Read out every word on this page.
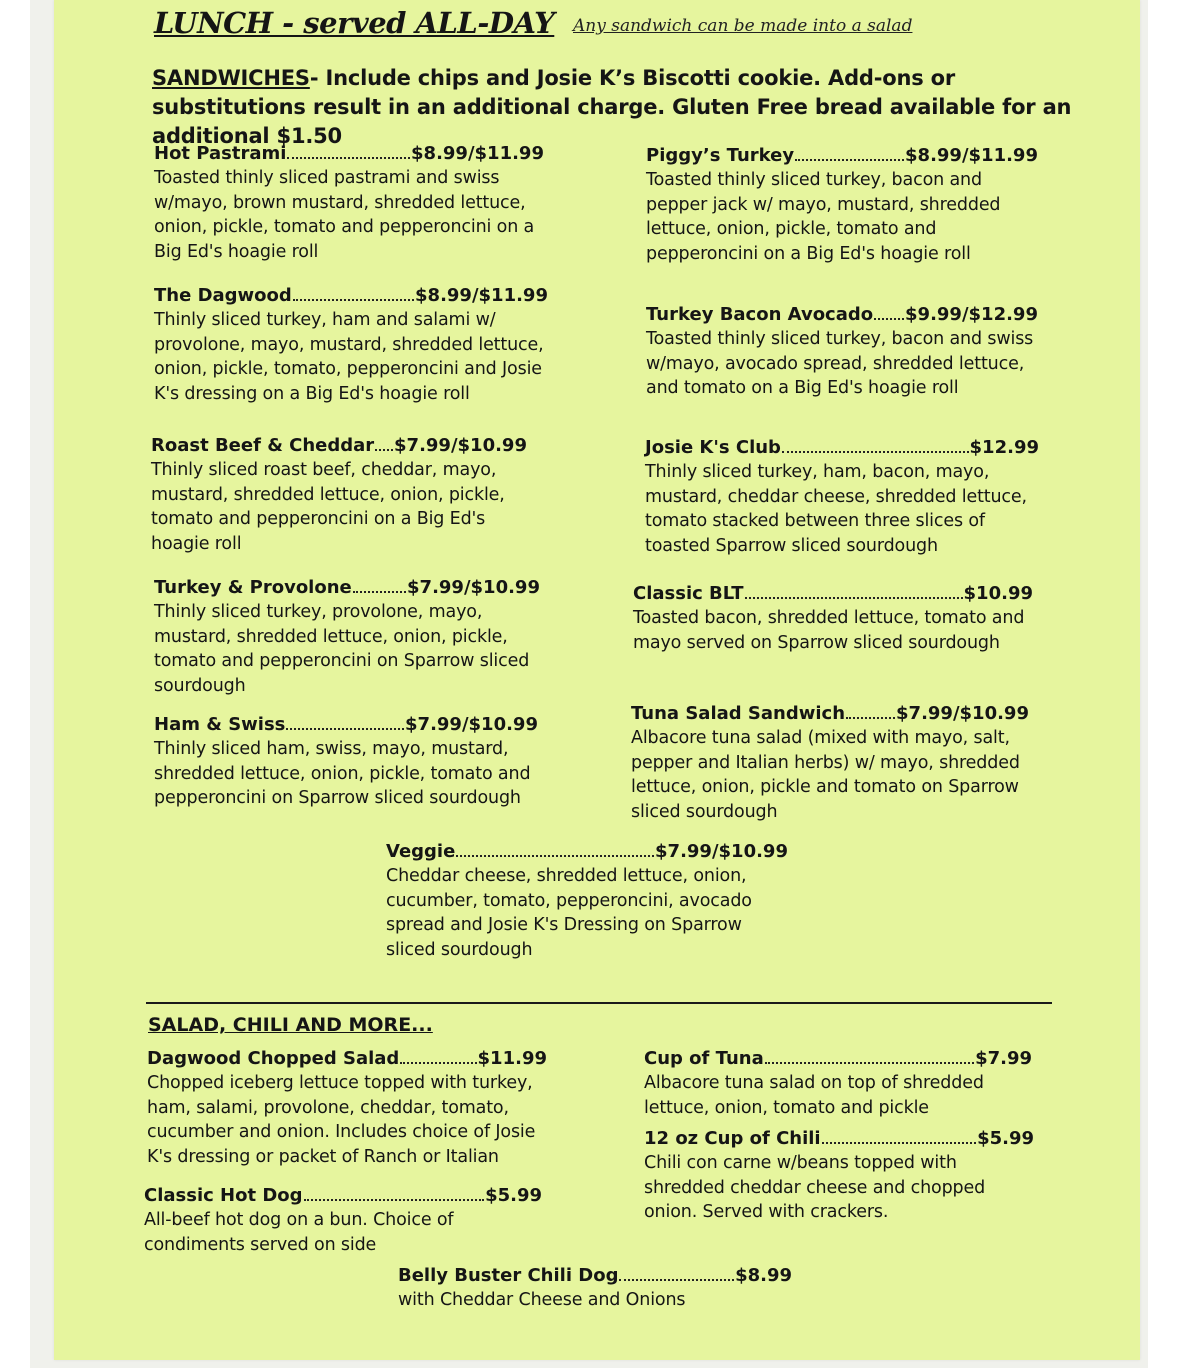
LUNCH - served ALL-DAY Any sandwich can be made into a salad
SANDWICHES- Include chips and Josie K’s Biscotti cookie. Add-ons or substitutions result in an additional charge. Gluten Free bread available for an additional $1.50
Hot Pastrami	$8.99/$11.99
Toasted thinly sliced pastrami and swiss w/mayo, brown mustard, shredded lettuce, onion, pickle, tomato and pepperoncini on a Big Ed's hoagie roll
Piggy’s Turkey	$8.99/$11.99
Toasted thinly sliced turkey, bacon and pepper jack w/ mayo, mustard, shredded lettuce, onion, pickle, tomato and pepperoncini on a Big Ed's hoagie roll
The Dagwood	$8.99/$11.99
Thinly sliced turkey, ham and salami w/ provolone, mayo, mustard, shredded lettuce, onion, pickle, tomato, pepperoncini and Josie K's dressing on a Big Ed's hoagie roll
Turkey Bacon Avocado $9.99/$12.99
Toasted thinly sliced turkey, bacon and swiss w/mayo, avocado spread, shredded lettuce, and tomato on a Big Ed's hoagie roll
Roast Beef & Cheddar $7.99/$10.99
Thinly sliced roast beef, cheddar, mayo, mustard, shredded lettuce, onion, pickle, tomato and pepperoncini on a Big Ed's hoagie roll
Josie K's Club	$12.99
Thinly sliced turkey, ham, bacon, mayo, mustard, cheddar cheese, shredded lettuce, tomato stacked between three slices of toasted Sparrow sliced sourdough
Turkey & Provolone	$7.99/$10.99
Thinly sliced turkey, provolone, mayo, mustard, shredded lettuce, onion, pickle, tomato and pepperoncini on Sparrow sliced sourdough
Classic BLT	$10.99
Toasted bacon, shredded lettuce, tomato and mayo served on Sparrow sliced sourdough
Ham & Swiss	$7.99/$10.99
Thinly sliced ham, swiss, mayo, mustard, shredded lettuce, onion, pickle, tomato and pepperoncini on Sparrow sliced sourdough
Tuna Salad Sandwich	$7.99/$10.99
Albacore tuna salad (mixed with mayo, salt, pepper and Italian herbs) w/ mayo, shredded lettuce, onion, pickle and tomato on Sparrow sliced sourdough
Veggie	$7.99/$10.99
Cheddar cheese, shredded lettuce, onion, cucumber, tomato, pepperoncini, avocado spread and Josie K's Dressing on Sparrow sliced sourdough
SALAD, CHILI AND MORE...
Dagwood Chopped Salad	$11.99
Chopped iceberg lettuce topped with turkey, ham, salami, provolone, cheddar, tomato, cucumber and onion. Includes choice of Josie K's dressing or packet of Ranch or Italian
Cup of Tuna	$7.99
Albacore tuna salad on top of shredded lettuce, onion, tomato and pickle
12 oz Cup of Chili	$5.99
Chili con carne w/beans topped with shredded cheddar cheese and chopped onion. Served with crackers.
Classic Hot Dog	$5.99
All-beef hot dog on a bun. Choice of condiments served on side
Belly Buster Chili Dog	$8.99
with Cheddar Cheese and Onions
